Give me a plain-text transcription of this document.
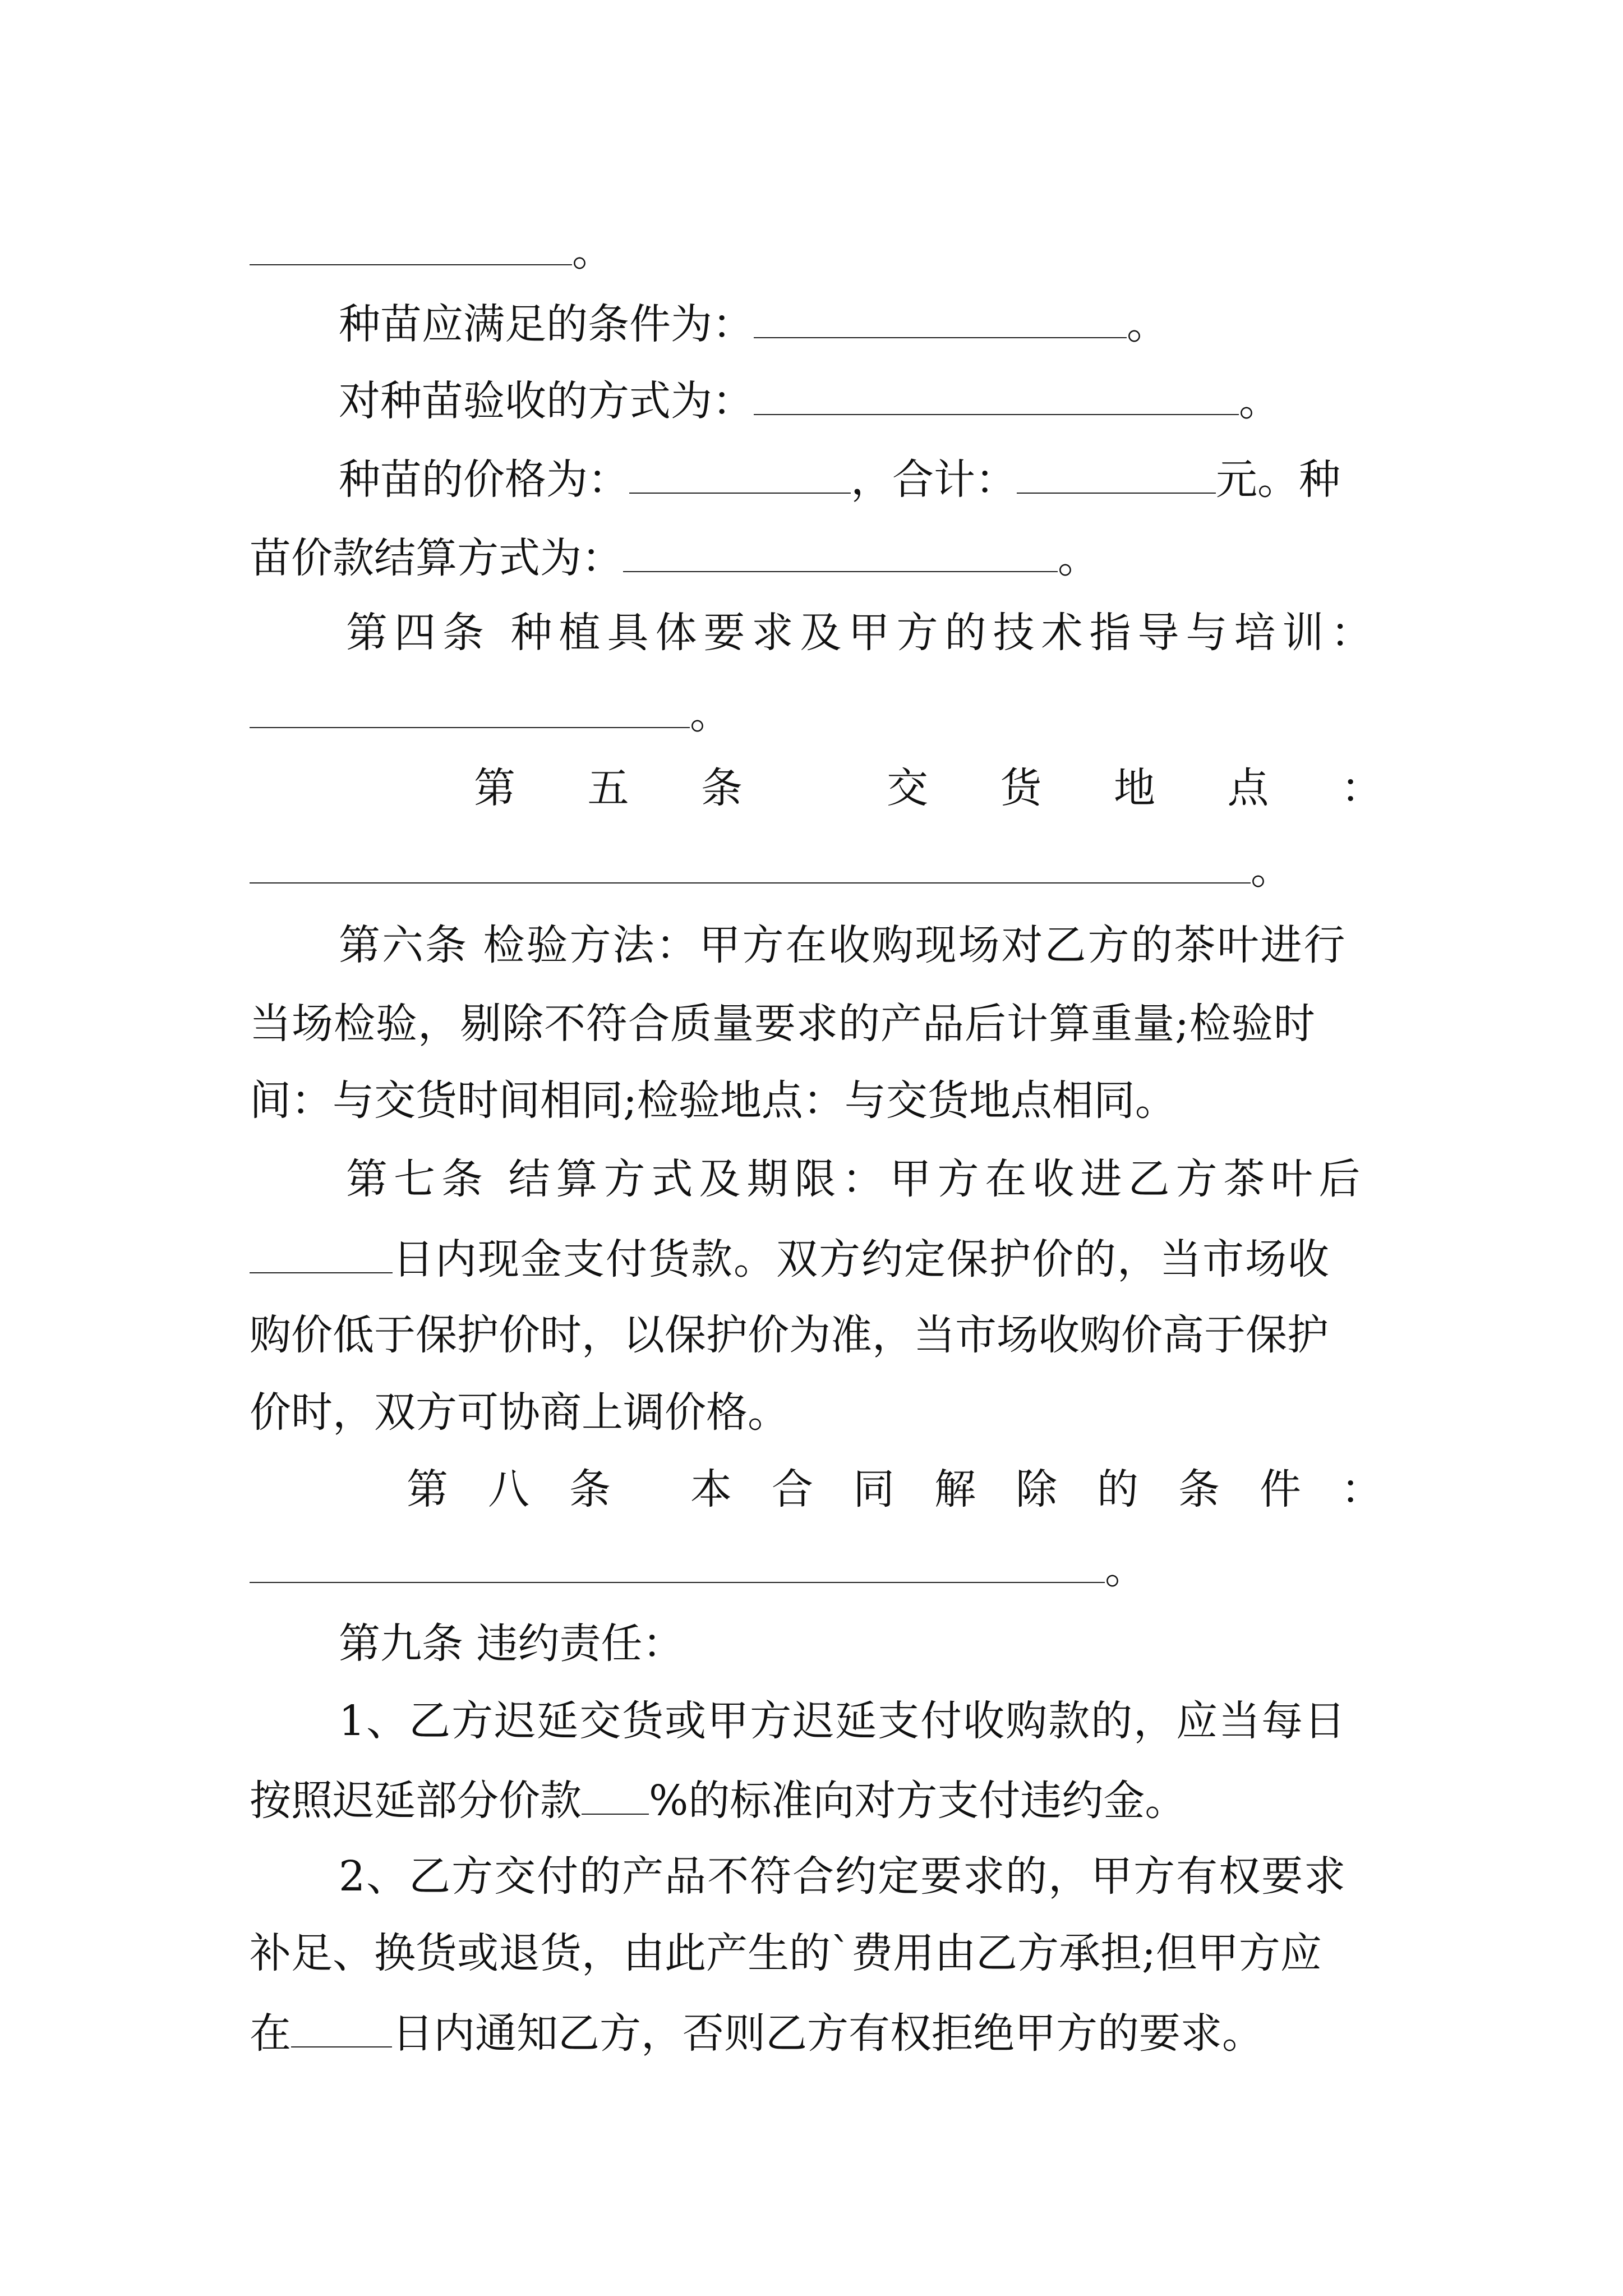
。
种苗应满足的条件为：	。
对种苗验收的方式为：	。
种苗的价格为：	，合计：	元。种
苗价款结算方式为：	。
第四条 种植具体要求及甲方的技术指导与培训：
。
第 五 条	交 货 地 点 ：
。
第六条 检验方法：甲方在收购现场对乙方的茶叶进行
当场检验，剔除不符合质量要求的产品后计算重量;检验时
间：与交货时间相同;检验地点：与交货地点相同。
第七条 结算方式及期限：甲方在收进乙方茶叶后
日内现金支付货款。双方约定保护价的，当市场收
购价低于保护价时，以保护价为准，当市场收购价高于保护
价时，双方可协商上调价格。
第 八 条 本 合 同 解 除 的 条 件 ：
。
第九条 违约责任：
1、乙方迟延交货或甲方迟延支付收购款的，应当每日
按照迟延部分价款 %的标准向对方支付违约金。
2、乙方交付的产品不符合约定要求的，甲方有权要求
补足、换货或退货，由此产生的`费用由乙方承担;但甲方应
在 日内通知乙方，否则乙方有权拒绝甲方的要求。
